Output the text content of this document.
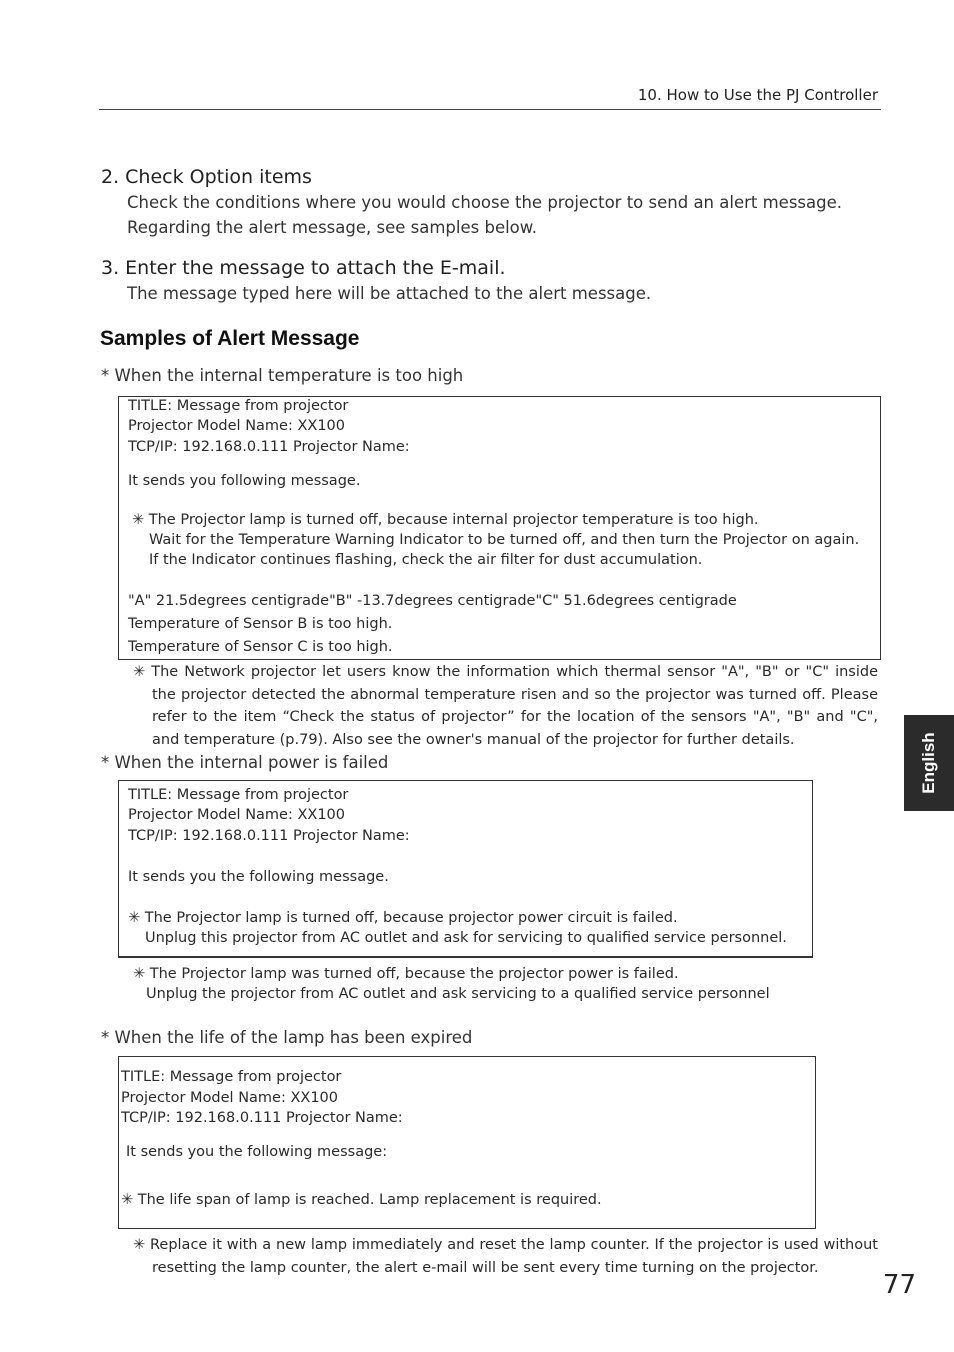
10. How to Use the PJ Controller
2. Check Option items
Check the conditions where you would choose the projector to send an alert message.
Regarding the alert message, see samples below.
3. Enter the message to attach the E-mail.
The message typed here will be attached to the alert message.
Samples of Alert Message
* When the internal temperature is too high
TITLE: Message from projector
Projector Model Name: XX100
TCP/IP: 192.168.0.111 Projector Name:
It sends you following message.
✳ The Projector lamp is turned off, because internal projector temperature is too high.
Wait for the Temperature Warning Indicator to be turned off, and then turn the Projector on again.
If the Indicator continues flashing, check the air filter for dust accumulation.
"A" 21.5degrees centigrade"B" -13.7degrees centigrade"C" 51.6degrees centigrade
Temperature of Sensor B is too high.
Temperature of Sensor C is too high.

✳ The Network projector let users know the information which thermal sensor "A", "B" or "C" inside the projector detected the abnormal temperature risen and so the projector was turned off. Please refer to the item “Check the status of projector” for the location of the sensors "A", "B" and "C", and temperature (p.79). Also see the owner's manual of the projector for further details.

* When the internal power is failed
TITLE: Message from projector
Projector Model Name: XX100
TCP/IP: 192.168.0.111 Projector Name:
It sends you the following message.
✳ The Projector lamp is turned off, because projector power circuit is failed.
Unplug this projector from AC outlet and ask for servicing to qualified service personnel.
✳ The Projector lamp was turned off, because the projector power is failed.
Unplug the projector from AC outlet and ask servicing to a qualified service personnel
* When the life of the lamp has been expired
TITLE: Message from projector
Projector Model Name: XX100
TCP/IP: 192.168.0.111 Projector Name:
It sends you the following message:
✳ The life span of lamp is reached. Lamp replacement is required.

✳ Replace it with a new lamp immediately and reset the lamp counter. If the projector is used without resetting the lamp counter, the alert e-mail will be sent every time turning on the projector.

English
77
